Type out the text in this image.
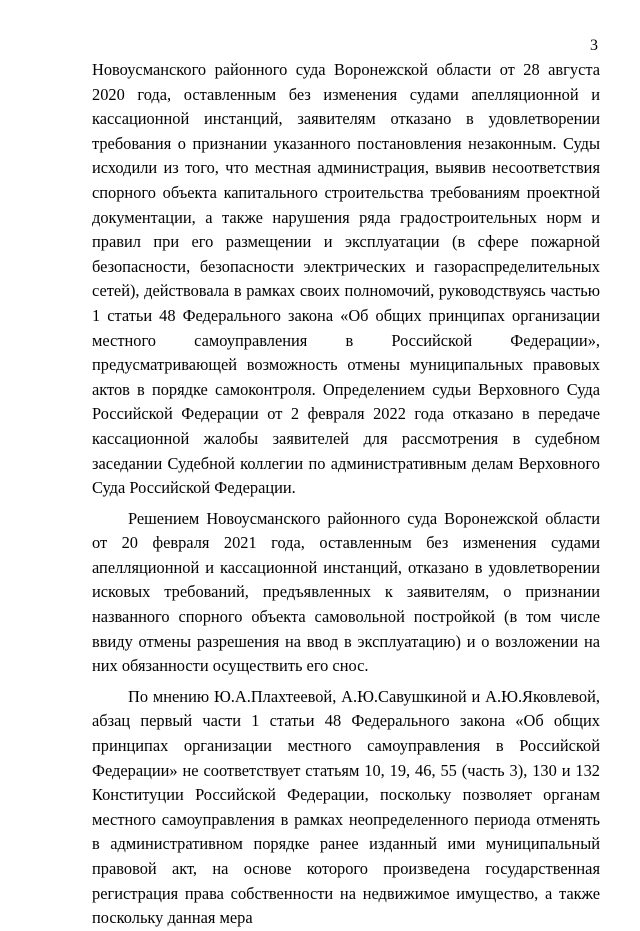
3

Новоусманского районного суда Воронежской области от 28 августа 2020 года, оставленным без изменения судами апелляционной и кассационной инстанций, заявителям отказано в удовлетворении требования о признании указанного постановления незаконным. Суды исходили из того, что местная администрация, выявив несоответствия спорного объекта капитального строительства требованиям проектной документации, а также нарушения ряда градостроительных норм и правил при его размещении и эксплуатации (в сфере пожарной безопасности, безопасности электрических и газораспределительных сетей), действовала в рамках своих полномочий, руководствуясь частью 1 статьи 48 Федерального закона «Об общих принципах организации местного самоуправления в Российской Федерации», предусматривающей возможность отмены муниципальных правовых актов в порядке самоконтроля. Определением судьи Верховного Суда Российской Федерации от 2 февраля 2022 года отказано в передаче кассационной жалобы заявителей для рассмотрения в судебном заседании Судебной коллегии по административным делам Верховного Суда Российской Федерации.

Решением Новоусманского районного суда Воронежской области от 20 февраля 2021 года, оставленным без изменения судами апелляционной и кассационной инстанций, отказано в удовлетворении исковых требований, предъявленных к заявителям, о признании названного спорного объекта самовольной постройкой (в том числе ввиду отмены разрешения на ввод в эксплуатацию) и о возложении на них обязанности осуществить его снос.

По мнению Ю.А.Плахтеевой, А.Ю.Савушкиной и А.Ю.Яковлевой, абзац первый части 1 статьи 48 Федерального закона «Об общих принципах организации местного самоуправления в Российской Федерации» не соответствует статьям 10, 19, 46, 55 (часть 3), 130 и 132 Конституции Российской Федерации, поскольку позволяет органам местного самоуправления в рамках неопределенного периода отменять в административном порядке ранее изданный ими муниципальный правовой акт, на основе которого произведена государственная регистрация права собственности на недвижимое имущество, а также поскольку данная мера
